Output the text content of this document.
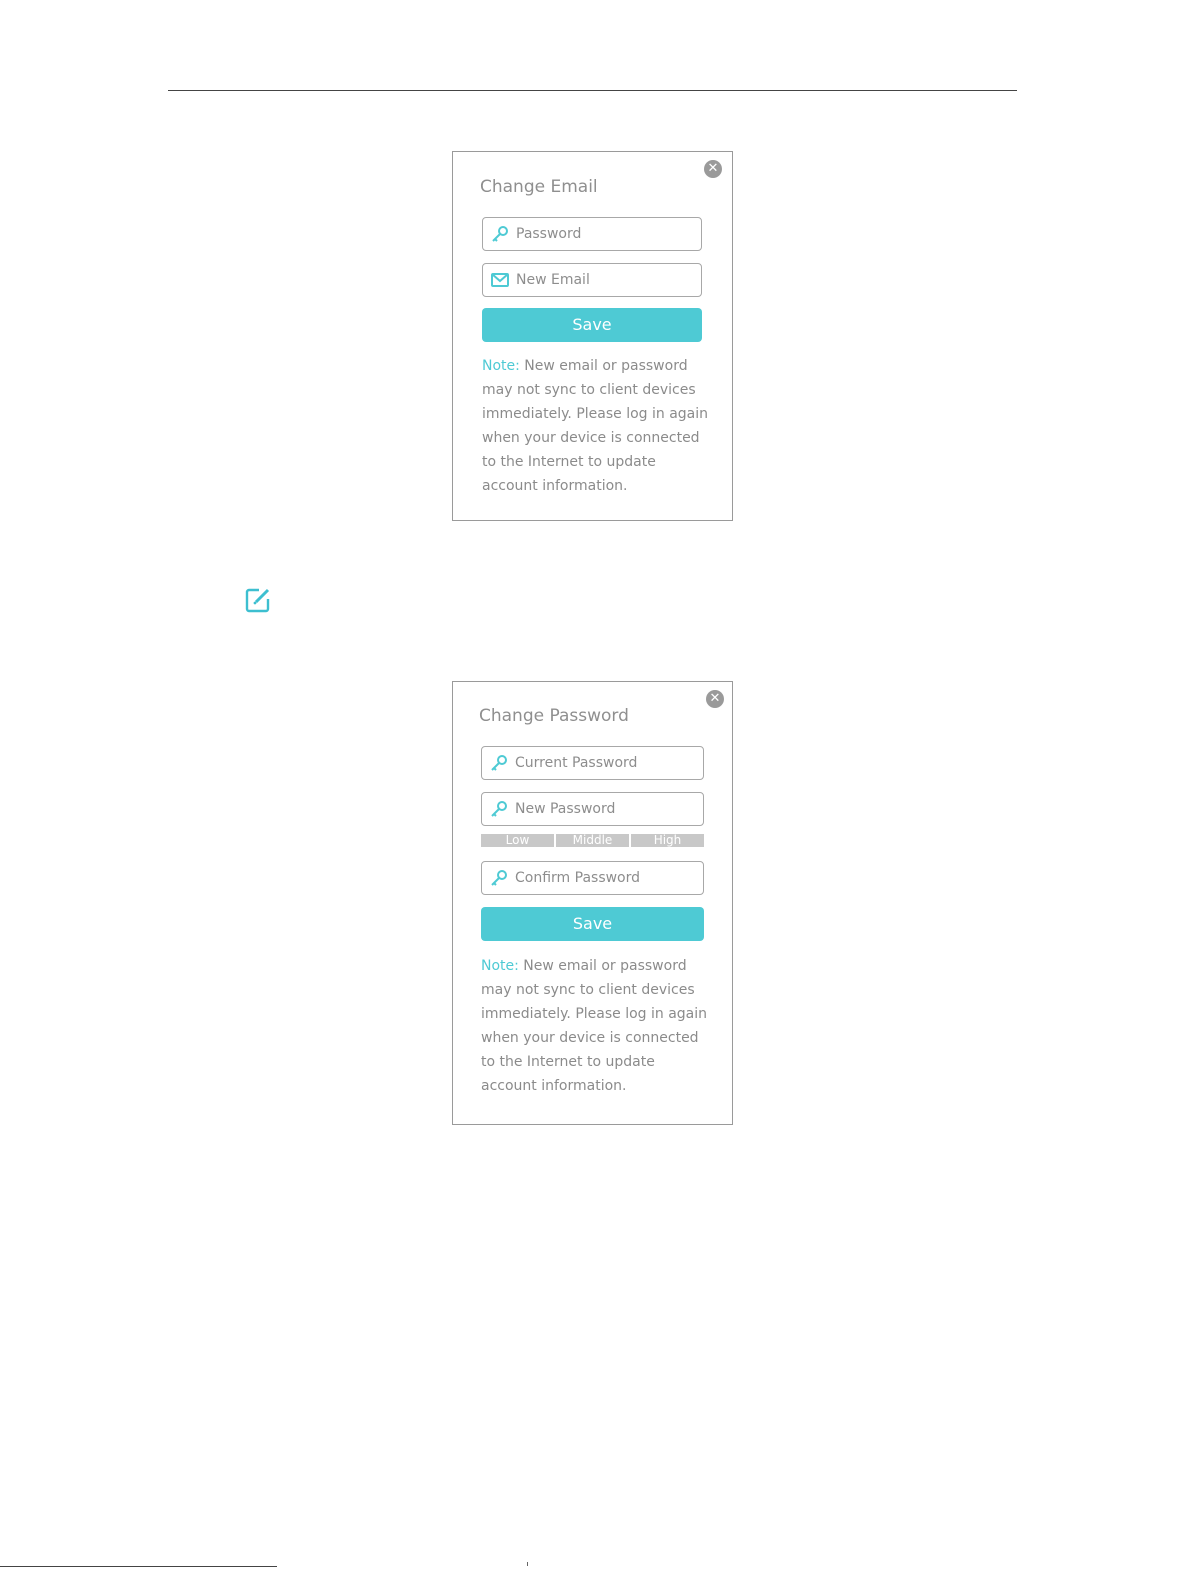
✕
Change Email
Password
New Email
Save
Note: New email or password may not sync to client devices immediately. Please log in again when your device is connected to the Internet to update account information.
✕
Change Password
Current Password
New Password
Low	Middle	High
Confirm Password
Save
Note: New email or password may not sync to client devices immediately. Please log in again when your device is connected to the Internet to update account information.
